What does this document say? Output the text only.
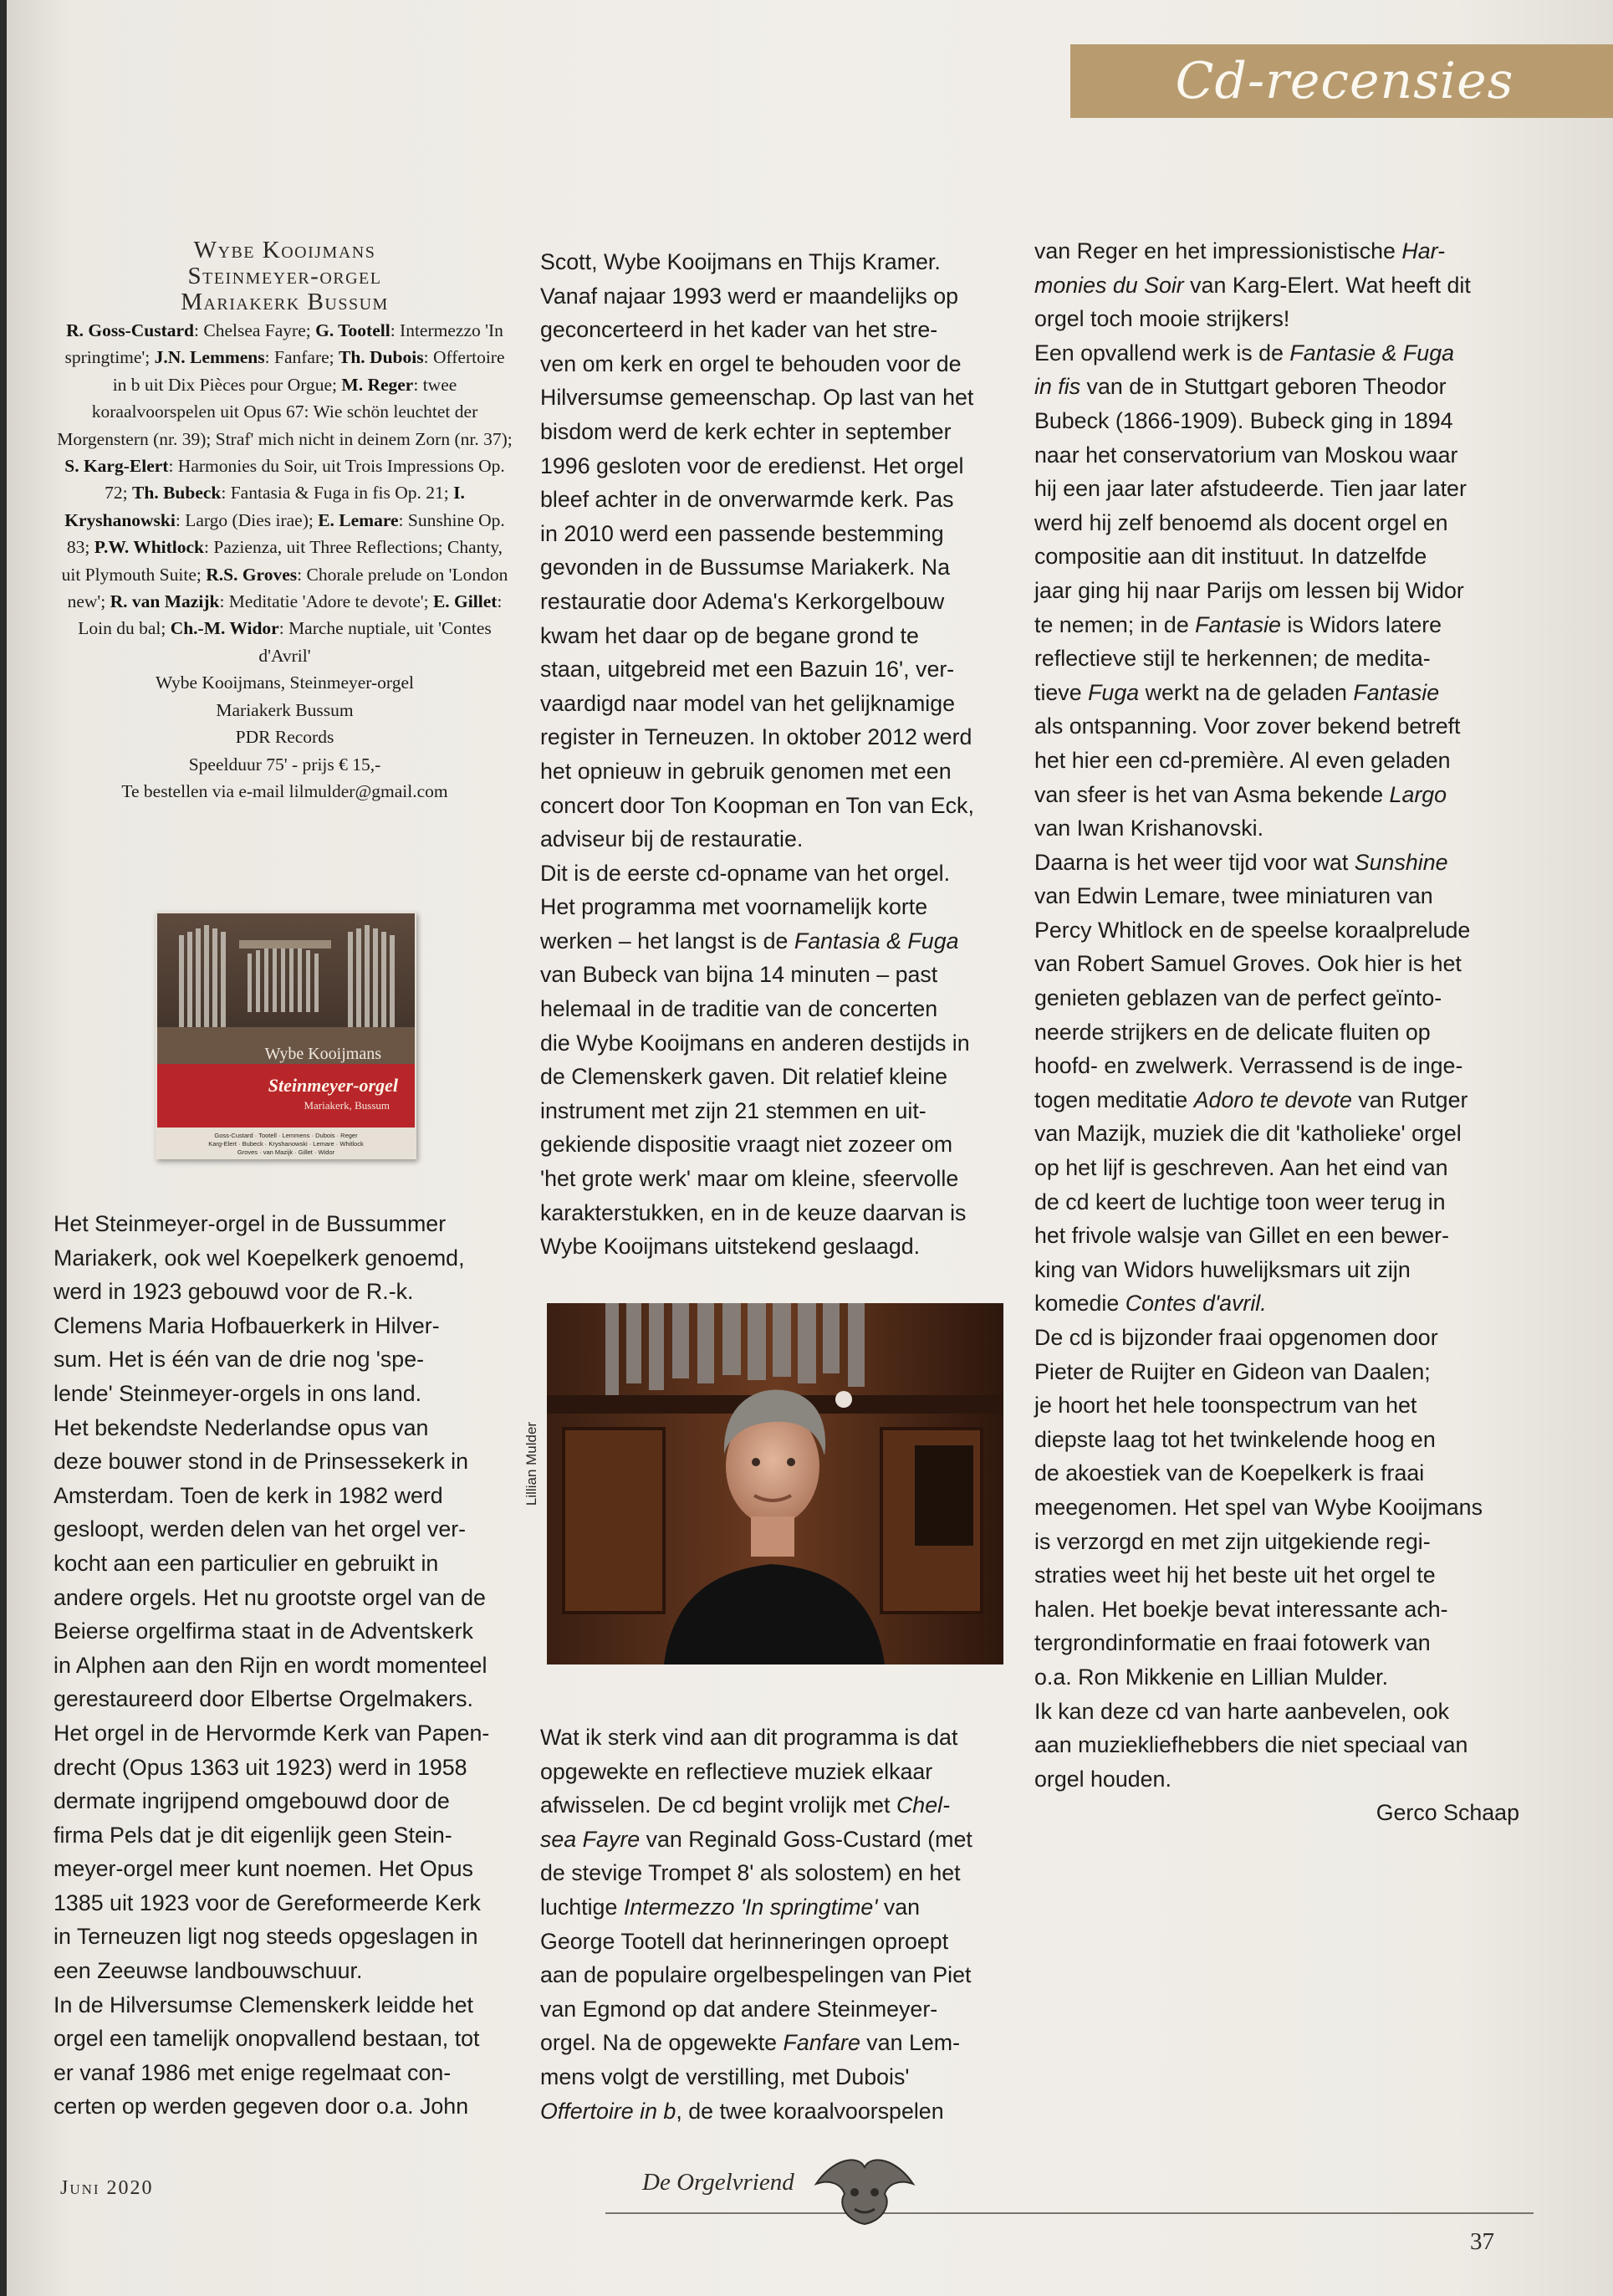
Cd-recensies
Wybe Kooijmans
Steinmeyer-orgel
Mariakerk Bussum
R. Goss-Custard: Chelsea Fayre; G. Tootell: Intermezzo 'In springtime'; J.N. Lemmens: Fanfare; Th. Dubois: Offertoire in b uit Dix Pièces pour Orgue; M. Reger: twee koraalvoorspelen uit Opus 67: Wie schön leuchtet der Morgenstern (nr. 39); Straf' mich nicht in deinem Zorn (nr. 37); S. Karg-Elert: Harmonies du Soir, uit Trois Impressions Op. 72; Th. Bubeck: Fantasia & Fuga in fis Op. 21; I. Kryshanowski: Largo (Dies irae); E. Lemare: Sunshine Op. 83; P.W. Whitlock: Pazienza, uit Three Reflections; Chanty, uit Plymouth Suite; R.S. Groves: Chorale prelude on 'London new'; R. van Mazijk: Meditatie 'Adore te devote'; E. Gillet: Loin du bal; Ch.-M. Widor: Marche nuptiale, uit 'Contes d'Avril'
Wybe Kooijmans, Steinmeyer-orgel
Mariakerk Bussum
PDR Records
Speelduur 75' - prijs € 15,-
Te bestellen via e-mail lilmulder@gmail.com
Wybe Kooijmans
Steinmeyer-orgel
Mariakerk, Bussum
Goss-Custard · Tootell · Lemmens · Dubois · Reger
Karg-Elert · Bubeck · Kryshanowski · Lemare · Whitlock
Groves · van Mazijk · Gillet · Widor
Het Steinmeyer-orgel in de Bussummer
Mariakerk, ook wel Koepelkerk genoemd,
werd in 1923 gebouwd voor de R.-k.
Clemens Maria Hofbauerkerk in Hilver-
sum. Het is één van de drie nog 'spe-
lende' Steinmeyer-orgels in ons land.
Het bekendste Nederlandse opus van
deze bouwer stond in de Prinsessekerk in
Amsterdam. Toen de kerk in 1982 werd
gesloopt, werden delen van het orgel ver-
kocht aan een particulier en gebruikt in
andere orgels. Het nu grootste orgel van de
Beierse orgelfirma staat in de Adventskerk
in Alphen aan den Rijn en wordt momenteel
gerestaureerd door Elbertse Orgelmakers.
Het orgel in de Hervormde Kerk van Papen-
drecht (Opus 1363 uit 1923) werd in 1958
dermate ingrijpend omgebouwd door de
firma Pels dat je dit eigenlijk geen Stein-
meyer-orgel meer kunt noemen. Het Opus
1385 uit 1923 voor de Gereformeerde Kerk
in Terneuzen ligt nog steeds opgeslagen in
een Zeeuwse landbouwschuur.
In de Hilversumse Clemenskerk leidde het
orgel een tamelijk onopvallend bestaan, tot
er vanaf 1986 met enige regelmaat con-
certen op werden gegeven door o.a. John
Scott, Wybe Kooijmans en Thijs Kramer.
Vanaf najaar 1993 werd er maandelijks op
geconcerteerd in het kader van het stre-
ven om kerk en orgel te behouden voor de
Hilversumse gemeenschap. Op last van het
bisdom werd de kerk echter in september
1996 gesloten voor de eredienst. Het orgel
bleef achter in de onverwarmde kerk. Pas
in 2010 werd een passende bestemming
gevonden in de Bussumse Mariakerk. Na
restauratie door Adema's Kerkorgelbouw
kwam het daar op de begane grond te
staan, uitgebreid met een Bazuin 16', ver-
vaardigd naar model van het gelijknamige
register in Terneuzen. In oktober 2012 werd
het opnieuw in gebruik genomen met een
concert door Ton Koopman en Ton van Eck,
adviseur bij de restauratie.
Dit is de eerste cd-opname van het orgel.
Het programma met voornamelijk korte
werken – het langst is de Fantasia & Fuga
van Bubeck van bijna 14 minuten – past
helemaal in de traditie van de concerten
die Wybe Kooijmans en anderen destijds in
de Clemenskerk gaven. Dit relatief kleine
instrument met zijn 21 stemmen en uit-
gekiende dispositie vraagt niet zozeer om
'het grote werk' maar om kleine, sfeervolle
karakterstukken, en in de keuze daarvan is
Wybe Kooijmans uitstekend geslaagd.
Wat ik sterk vind aan dit programma is dat
opgewekte en reflectieve muziek elkaar
afwisselen. De cd begint vrolijk met Chel-
sea Fayre van Reginald Goss-Custard (met
de stevige Trompet 8' als solostem) en het
luchtige Intermezzo 'In springtime' van
George Tootell dat herinneringen oproept
aan de populaire orgelbespelingen van Piet
van Egmond op dat andere Steinmeyer-
orgel. Na de opgewekte Fanfare van Lem-
mens volgt de verstilling, met Dubois'
Offertoire in b, de twee koraalvoorspelen
van Reger en het impressionistische Har-
monies du Soir van Karg-Elert. Wat heeft dit
orgel toch mooie strijkers!
Een opvallend werk is de Fantasie & Fuga
in fis van de in Stuttgart geboren Theodor
Bubeck (1866-1909). Bubeck ging in 1894
naar het conservatorium van Moskou waar
hij een jaar later afstudeerde. Tien jaar later
werd hij zelf benoemd als docent orgel en
compositie aan dit instituut. In datzelfde
jaar ging hij naar Parijs om lessen bij Widor
te nemen; in de Fantasie is Widors latere
reflectieve stijl te herkennen; de medita-
tieve Fuga werkt na de geladen Fantasie
als ontspanning. Voor zover bekend betreft
het hier een cd-première. Al even geladen
van sfeer is het van Asma bekende Largo
van Iwan Krishanovski.
Daarna is het weer tijd voor wat Sunshine
van Edwin Lemare, twee miniaturen van
Percy Whitlock en de speelse koraalprelude
van Robert Samuel Groves. Ook hier is het
genieten geblazen van de perfect geïnto-
neerde strijkers en de delicate fluiten op
hoofd- en zwelwerk. Verrassend is de inge-
togen meditatie Adoro te devote van Rutger
van Mazijk, muziek die dit 'katholieke' orgel
op het lijf is geschreven. Aan het eind van
de cd keert de luchtige toon weer terug in
het frivole walsje van Gillet en een bewer-
king van Widors huwelijksmars uit zijn
komedie Contes d'avril.
De cd is bijzonder fraai opgenomen door
Pieter de Ruijter en Gideon van Daalen;
je hoort het hele toonspectrum van het
diepste laag tot het twinkelende hoog en
de akoestiek van de Koepelkerk is fraai
meegenomen. Het spel van Wybe Kooijmans
is verzorgd en met zijn uitgekiende regi-
straties weet hij het beste uit het orgel te
halen. Het boekje bevat interessante ach-
tergrondinformatie en fraai fotowerk van
o.a. Ron Mikkenie en Lillian Mulder.
Ik kan deze cd van harte aanbevelen, ook
aan muziekliefhebbers die niet speciaal van
orgel houden.
Gerco Schaap
Lillian Mulder
Juni 2020	De Orgelvriend
37
